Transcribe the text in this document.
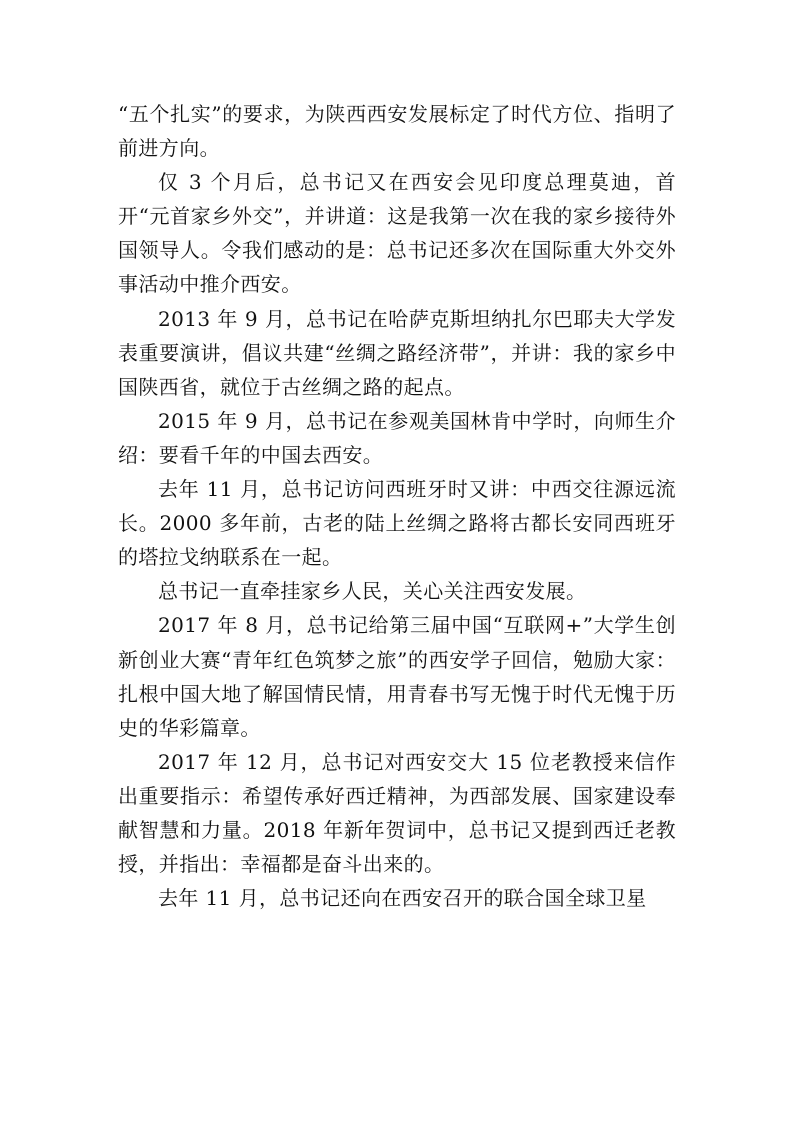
“五个扎实”的要求，为陕西西安发展标定了时代方位、指明了前进方向。

仅 3 个月后，总书记又在西安会见印度总理莫迪，首开“元首家乡外交”，并讲道：这是我第一次在我的家乡接待外国领导人。令我们感动的是：总书记还多次在国际重大外交外事活动中推介西安。

2013 年 9 月，总书记在哈萨克斯坦纳扎尔巴耶夫大学发表重要演讲，倡议共建“丝绸之路经济带”，并讲：我的家乡中国陕西省，就位于古丝绸之路的起点。

2015 年 9 月，总书记在参观美国林肯中学时，向师生介绍：要看千年的中国去西安。

去年 11 月，总书记访问西班牙时又讲：中西交往源远流长。2000 多年前，古老的陆上丝绸之路将古都长安同西班牙的塔拉戈纳联系在一起。

总书记一直牵挂家乡人民，关心关注西安发展。

2017 年 8 月，总书记给第三届中国“互联网+”大学生创新创业大赛“青年红色筑梦之旅”的西安学子回信，勉励大家：扎根中国大地了解国情民情，用青春书写无愧于时代无愧于历史的华彩篇章。

2017 年 12 月，总书记对西安交大 15 位老教授来信作出重要指示：希望传承好西迁精神，为西部发展、国家建设奉献智慧和力量。2018 年新年贺词中，总书记又提到西迁老教授，并指出：幸福都是奋斗出来的。

去年 11 月，总书记还向在西安召开的联合国全球卫星
